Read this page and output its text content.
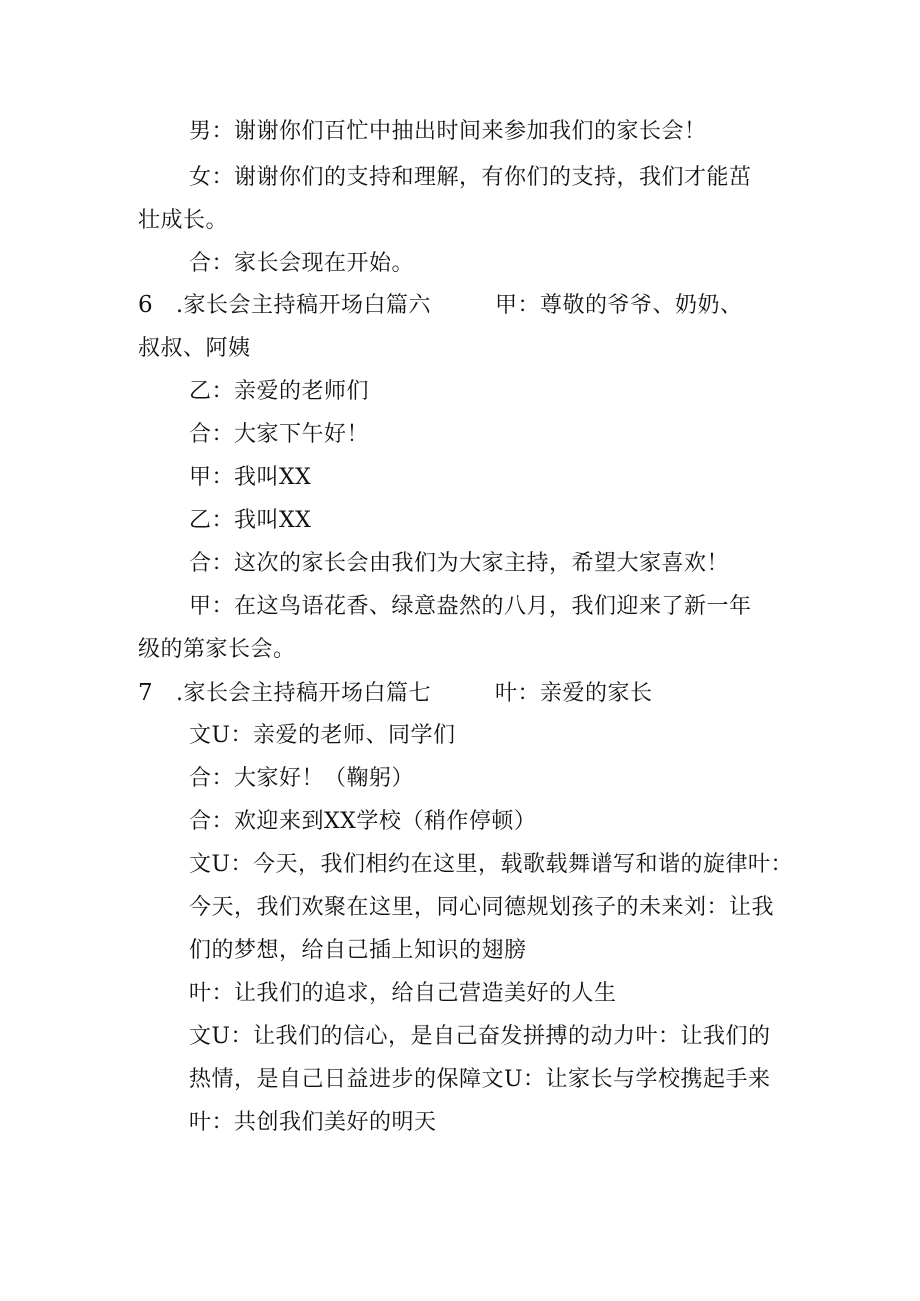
男：谢谢你们百忙中抽出时间来参加我们的家长会！
女：谢谢你们的支持和理解，有你们的支持，我们才能茁
壮成长。
合：家长会现在开始。
6 .家长会主持稿开场白篇六	甲：尊敬的爷爷、奶奶、
叔叔、阿姨
乙：亲爱的老师们
合：大家下午好！
甲：我叫XX
乙：我叫XX
合：这次的家长会由我们为大家主持，希望大家喜欢！
甲：在这鸟语花香、绿意盎然的八月，我们迎来了新一年
级的第家长会。
7 .家长会主持稿开场白篇七	叶：亲爱的家长
文U：亲爱的老师、同学们
合：大家好！（鞠躬）
合：欢迎来到XX学校（稍作停顿）
文U：今天，我们相约在这里，载歌载舞谱写和谐的旋律叶：
今天，我们欢聚在这里，同心同德规划孩子的未来刘：让我
们的梦想，给自己插上知识的翅膀
叶：让我们的追求，给自己营造美好的人生
文U：让我们的信心，是自己奋发拼搏的动力叶：让我们的
热情，是自己日益进步的保障文U：让家长与学校携起手来
叶：共创我们美好的明天
